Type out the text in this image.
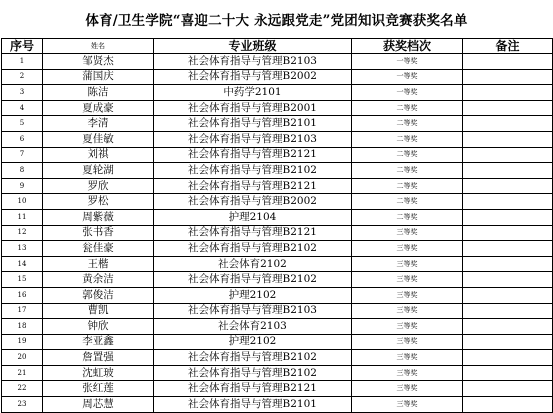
体育/卫生学院“喜迎二十大 永远跟党走”党团知识竞赛获奖名单
序号	姓名	专业班级	获奖档次	备注
1	邹贤杰	社会体育指导与管理B2103	一等奖	
2	蒲国庆	社会体育指导与管理B2002	一等奖	
3	陈洁	中药学2101	一等奖	
4	夏成豪	社会体育指导与管理B2001	二等奖	
5	李清	社会体育指导与管理B2101	二等奖	
6	夏佳敏	社会体育指导与管理B2103	二等奖	
7	刘祺	社会体育指导与管理B2121	二等奖	
8	夏轮湖	社会体育指导与管理B2102	二等奖	
9	罗欣	社会体育指导与管理B2121	二等奖	
10	罗松	社会体育指导与管理B2002	二等奖	
11	周紫薇	护理2104	二等奖	
12	张书香	社会体育指导与管理B2121	三等奖	
13	瓮佳豪	社会体育指导与管理B2102	三等奖	
14	王楷	社会体育2102	三等奖	
15	黄余洁	社会体育指导与管理B2102	三等奖	
16	郭俊洁	护理2102	三等奖	
17	曹凯	社会体育指导与管理B2103	三等奖	
18	钟欣	社会体育2103	三等奖	
19	李亚鑫	护理2102	三等奖	
20	詹置强	社会体育指导与管理B2102	三等奖	
21	沈虹玻	社会体育指导与管理B2102	三等奖	
22	张红莲	社会体育指导与管理B2121	三等奖	
23	周芯慧	社会体育指导与管理B2101	三等奖	
